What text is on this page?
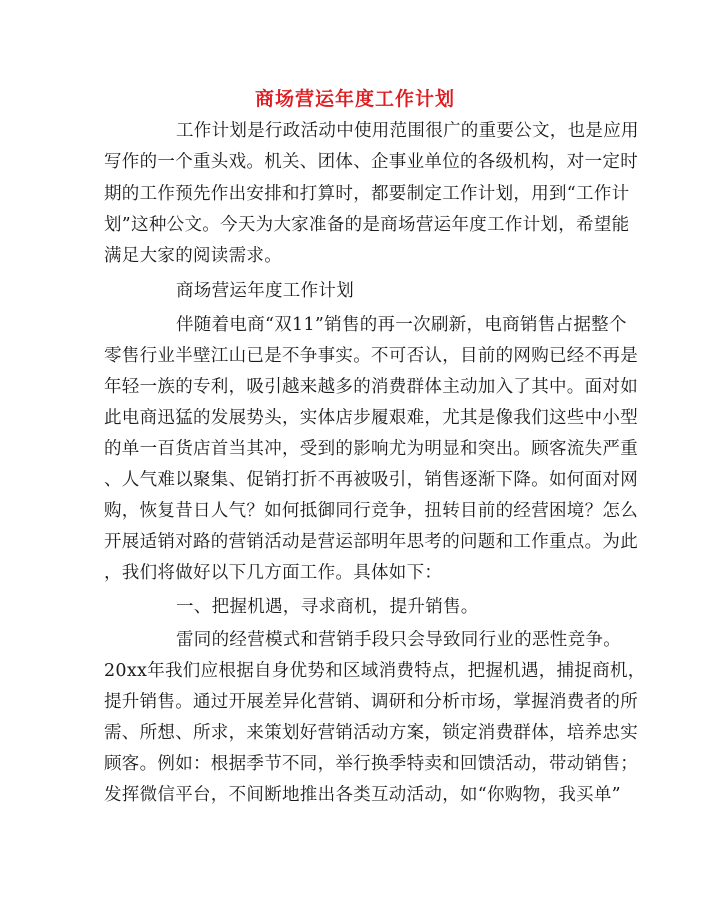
商场营运年度工作计划

工作计划是行政活动中使用范围很广的重要公文，也是应用

写作的一个重头戏。机关、团体、企事业单位的各级机构，对一定时

期的工作预先作出安排和打算时，都要制定工作计划，用到“工作计

划”这种公文。今天为大家准备的是商场营运年度工作计划，希望能

满足大家的阅读需求。

商场营运年度工作计划

伴随着电商“双11”销售的再一次刷新，电商销售占据整个

零售行业半壁江山已是不争事实。不可否认，目前的网购已经不再是

年轻一族的专利，吸引越来越多的消费群体主动加入了其中。面对如

此电商迅猛的发展势头，实体店步履艰难，尤其是像我们这些中小型

的单一百货店首当其冲，受到的影响尤为明显和突出。顾客流失严重

、人气难以聚集、促销打折不再被吸引，销售逐渐下降。如何面对网

购，恢复昔日人气？如何抵御同行竞争，扭转目前的经营困境？怎么

开展适销对路的营销活动是营运部明年思考的问题和工作重点。为此

，我们将做好以下几方面工作。具体如下：

一、把握机遇，寻求商机，提升销售。

雷同的经营模式和营销手段只会导致同行业的恶性竞争。

20xx年我们应根据自身优势和区域消费特点，把握机遇，捕捉商机，

提升销售。通过开展差异化营销、调研和分析市场，掌握消费者的所

需、所想、所求，来策划好营销活动方案，锁定消费群体，培养忠实

顾客。例如：根据季节不同，举行换季特卖和回馈活动，带动销售；

发挥微信平台，不间断地推出各类互动活动，如“你购物，我买单”
